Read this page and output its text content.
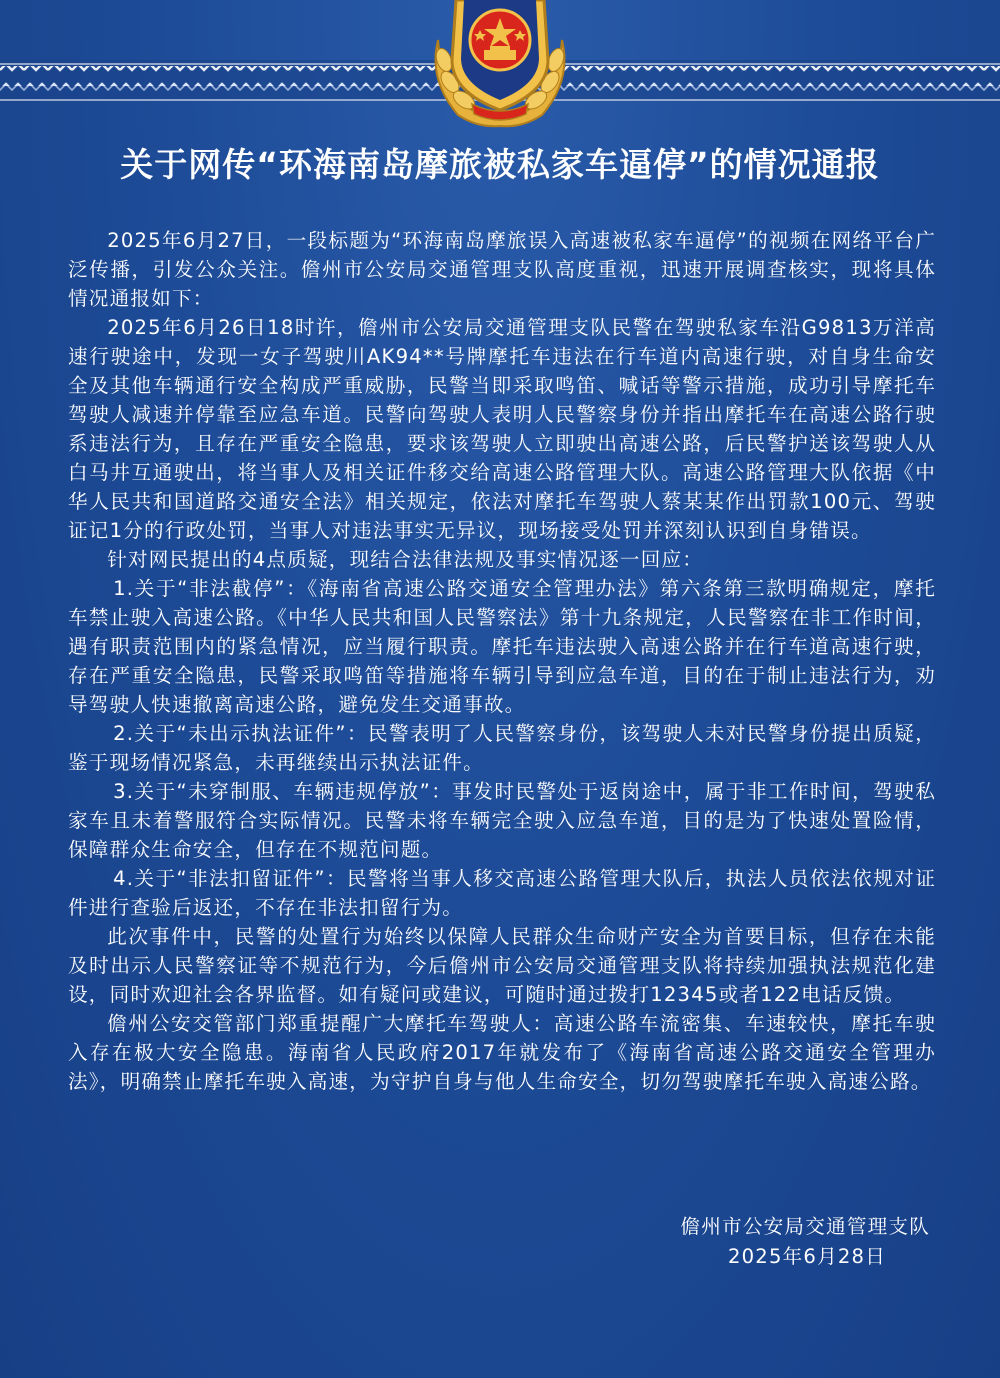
关于网传“环海南岛摩旅被私家车逼停”的情况通报

2025年6月27日，一段标题为“环海南岛摩旅误入高速被私家车逼停”的视频在网络平台广泛传播，引发公众关注。儋州市公安局交通管理支队高度重视，迅速开展调查核实，现将具体情况通报如下：

2025年6月26日18时许，儋州市公安局交通管理支队民警在驾驶私家车沿G9813万洋高速行驶途中，发现一女子驾驶川AK94**号牌摩托车违法在行车道内高速行驶，对自身生命安全及其他车辆通行安全构成严重威胁，民警当即采取鸣笛、喊话等警示措施，成功引导摩托车驾驶人减速并停靠至应急车道。民警向驾驶人表明人民警察身份并指出摩托车在高速公路行驶系违法行为，且存在严重安全隐患，要求该驾驶人立即驶出高速公路，后民警护送该驾驶人从白马井互通驶出，将当事人及相关证件移交给高速公路管理大队。高速公路管理大队依据《中华人民共和国道路交通安全法》相关规定，依法对摩托车驾驶人蔡某某作出罚款100元、驾驶证记1分的行政处罚，当事人对违法事实无异议，现场接受处罚并深刻认识到自身错误。

针对网民提出的4点质疑，现结合法律法规及事实情况逐一回应：

1.关于“非法截停”：《海南省高速公路交通安全管理办法》第六条第三款明确规定，摩托车禁止驶入高速公路。《中华人民共和国人民警察法》第十九条规定，人民警察在非工作时间，遇有职责范围内的紧急情况，应当履行职责。摩托车违法驶入高速公路并在行车道高速行驶，存在严重安全隐患，民警采取鸣笛等措施将车辆引导到应急车道，目的在于制止违法行为，劝导驾驶人快速撤离高速公路，避免发生交通事故。

2.关于“未出示执法证件”：民警表明了人民警察身份，该驾驶人未对民警身份提出质疑，鉴于现场情况紧急，未再继续出示执法证件。

3.关于“未穿制服、车辆违规停放”：事发时民警处于返岗途中，属于非工作时间，驾驶私家车且未着警服符合实际情况。民警未将车辆完全驶入应急车道，目的是为了快速处置险情，保障群众生命安全，但存在不规范问题。

4.关于“非法扣留证件”：民警将当事人移交高速公路管理大队后，执法人员依法依规对证件进行查验后返还，不存在非法扣留行为。

此次事件中，民警的处置行为始终以保障人民群众生命财产安全为首要目标，但存在未能及时出示人民警察证等不规范行为，今后儋州市公安局交通管理支队将持续加强执法规范化建设，同时欢迎社会各界监督。如有疑问或建议，可随时通过拨打12345或者122电话反馈。

儋州公安交管部门郑重提醒广大摩托车驾驶人：高速公路车流密集、车速较快，摩托车驶入存在极大安全隐患。海南省人民政府2017年就发布了《海南省高速公路交通安全管理办法》，明确禁止摩托车驶入高速，为守护自身与他人生命安全，切勿驾驶摩托车驶入高速公路。

儋州市公安局交通管理支队
2025年6月28日
